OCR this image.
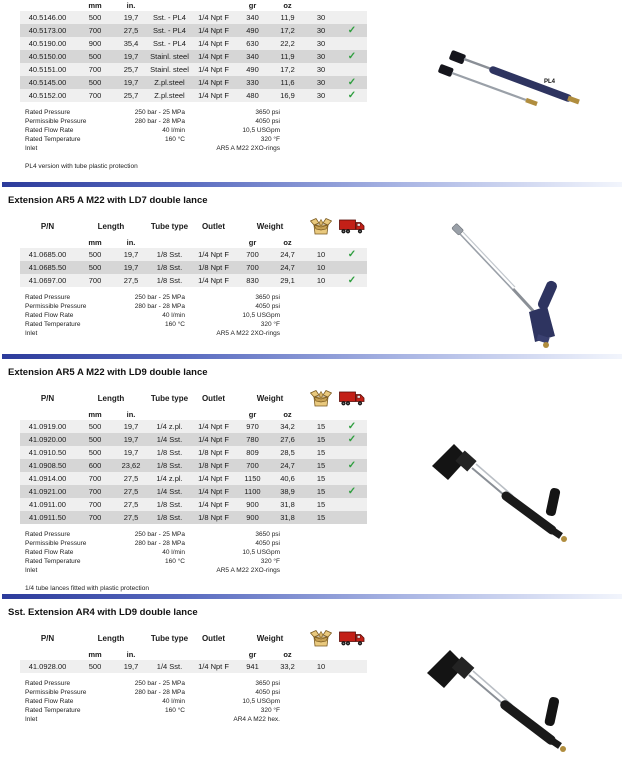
mm	in.	gr	oz
40.5146.00	500	19,7	Sst. - PL4	1/4 Npt F	340	11,9	30
40.5173.00	700	27,5	Sst. - PL4	1/4 Npt F	490	17,2	30	✓
40.5190.00	900	35,4	Sst. - PL4	1/4 Npt F	630	22,2	30
40.5150.00	500	19,7	Stainl. steel	1/4 Npt F	340	11,9	30	✓
40.5151.00	700	25,7	Stainl. steel	1/4 Npt F	490	17,2	30
40.5145.00	500	19,7	Z.pl.steel	1/4 Npt F	330	11,6	30	✓
40.5152.00	700	25,7	Z.pl.steel	1/4 Npt F	480	16,9	30	✓
Rated Pressure	250 bar - 25 MPa	3650 psi
Permissible Pressure	280 bar - 28 MPa	4050 psi
Rated Flow Rate	40 l/min	10,5 USGpm
Rated Temperature	160 °C	320 °F
Inlet	AR5 A M22 2XO-rings
PL4 version with tube plastic protection
Extension AR5 A M22 with LD7 double lance
P/N	Length	Tube type	Outlet	Weight
mm	in.	gr	oz
41.0685.00	500	19,7	1/8 Sst.	1/4 Npt F	700	24,7	10	✓
41.0685.50	500	19,7	1/8 Sst.	1/8 Npt F	700	24,7	10
41.0697.00	700	27,5	1/8 Sst.	1/4 Npt F	830	29,1	10	✓
Rated Pressure	250 bar - 25 MPa	3650 psi
Permissible Pressure	280 bar - 28 MPa	4050 psi
Rated Flow Rate	40 l/min	10,5 USGpm
Rated Temperature	160 °C	320 °F
Inlet	AR5 A M22 2XO-rings
Extension AR5 A M22 with LD9 double lance
P/N	Length	Tube type	Outlet	Weight
mm	in.	gr	oz
41.0919.00	500	19,7	1/4 z.pl.	1/4 Npt F	970	34,2	15	✓
41.0920.00	500	19,7	1/4 Sst.	1/4 Npt F	780	27,6	15	✓
41.0910.50	500	19,7	1/8 Sst.	1/8 Npt F	809	28,5	15
41.0908.50	600	23,62	1/8 Sst.	1/8 Npt F	700	24,7	15	✓
41.0914.00	700	27,5	1/4 z.pl.	1/4 Npt F	1150	40,6	15
41.0921.00	700	27,5	1/4 Sst.	1/4 Npt F	1100	38,9	15	✓
41.0911.00	700	27,5	1/8 Sst.	1/4 Npt F	900	31,8	15
41.0911.50	700	27,5	1/8 Sst.	1/8 Npt F	900	31,8	15
Rated Pressure	250 bar - 25 MPa	3650 psi
Permissible Pressure	280 bar - 28 MPa	4050 psi
Rated Flow Rate	40 l/min	10,5 USGpm
Rated Temperature	160 °C	320 °F
Inlet	AR5 A M22 2XO-rings
1/4 tube lances fitted with plastic protection
Sst. Extension AR4 with LD9 double lance
P/N	Length	Tube type	Outlet	Weight
mm	in.	gr	oz
41.0928.00	500	19,7	1/4 Sst.	1/4 Npt F	941	33,2	10
Rated Pressure	250 bar - 25 MPa	3650 psi
Permissible Pressure	280 bar - 28 MPa	4050 psi
Rated Flow Rate	40 l/min	10,5 USGpm
Rated Temperature	160 °C	320 °F
Inlet	AR4 A M22 hex.
PL4
